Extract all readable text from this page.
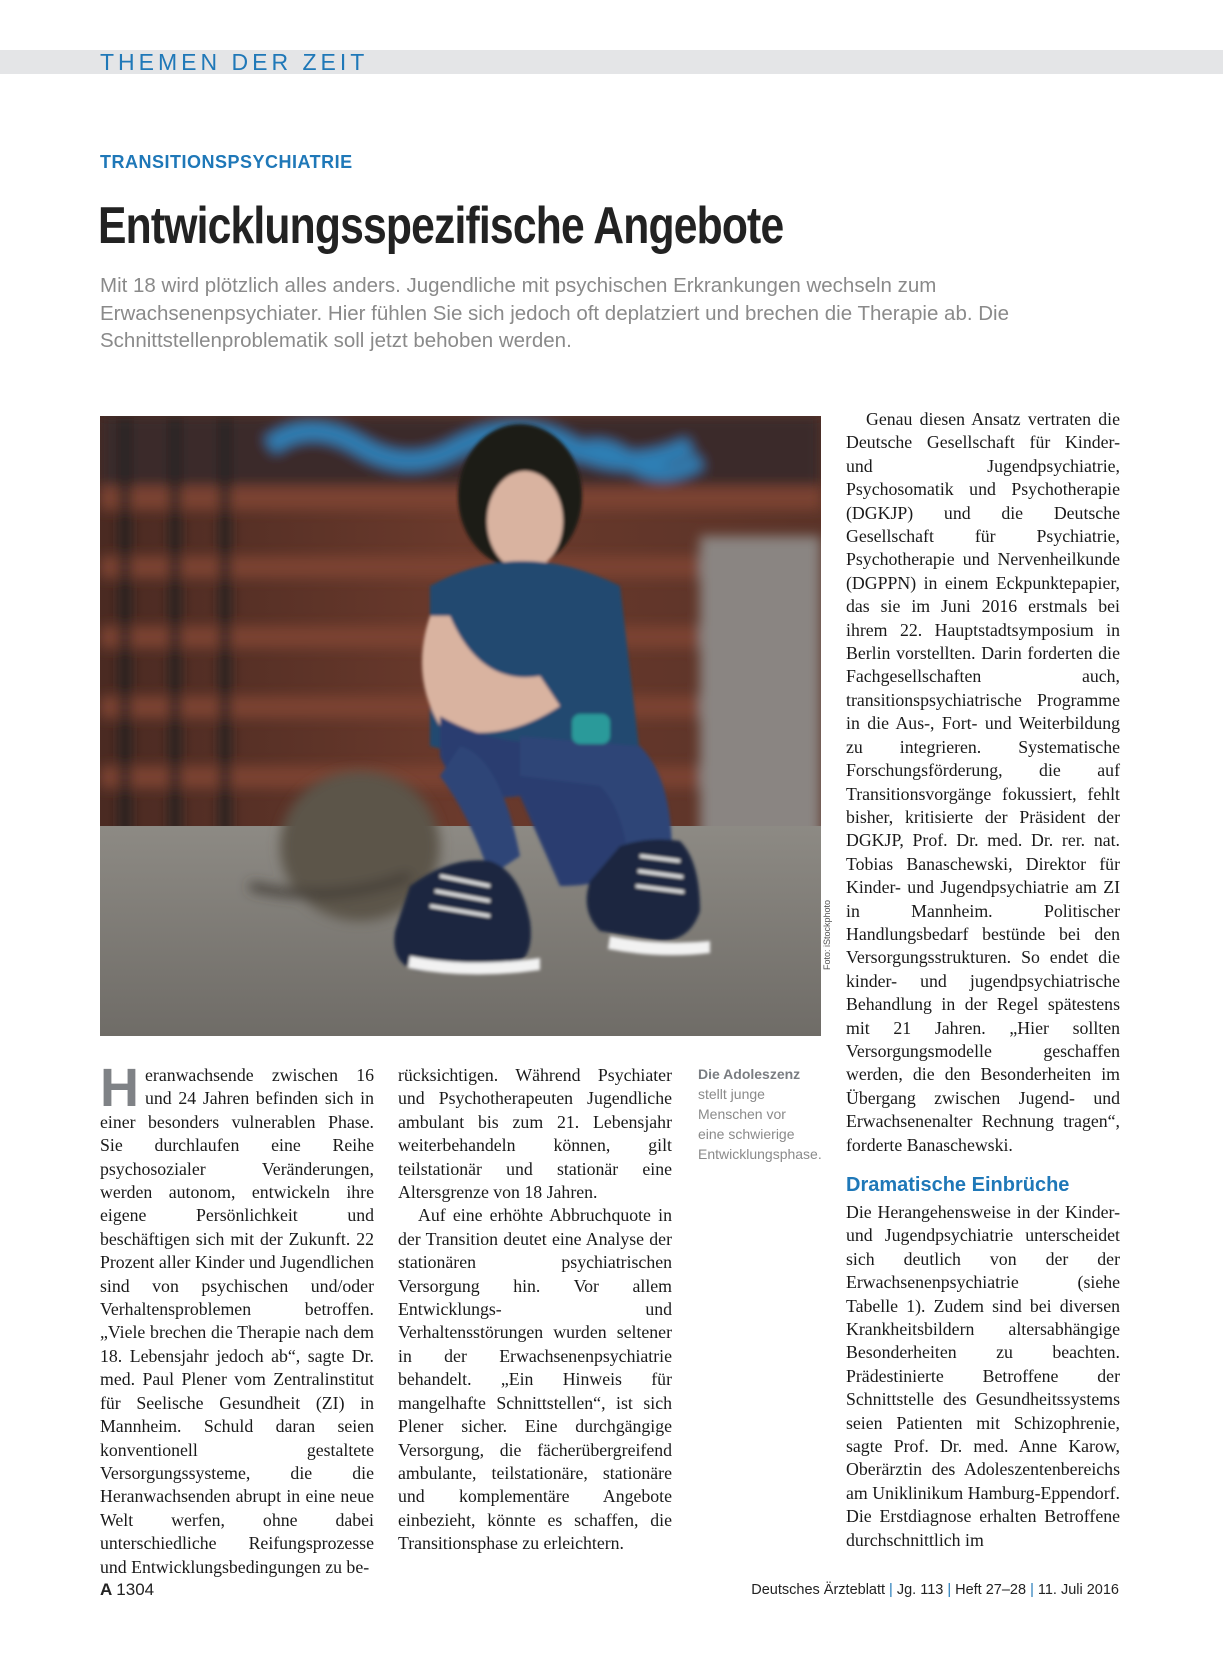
THEMEN DER ZEIT
TRANSITIONSPSYCHIATRIE
Entwicklungsspezifische Angebote
Mit 18 wird plötzlich alles anders. Jugendliche mit psychischen Erkrankungen wechseln zum Erwachsenenpsychiater. Hier fühlen Sie sich jedoch oft deplatziert und brechen die Therapie ab. Die Schnittstellenproblematik soll jetzt behoben werden.
Foto: iStockphoto

Heranwachsende zwischen 16 und 24 Jahren befinden sich in einer besonders vulnerablen Phase. Sie durchlaufen eine Reihe psychosozialer Veränderungen, werden autonom, entwickeln ihre eigene Persönlichkeit und beschäftigen sich mit der Zukunft. 22 Prozent aller Kinder und Jugendlichen sind von psychischen und/oder Verhaltensproblemen betroffen. „Viele brechen die Therapie nach dem 18. Lebensjahr jedoch ab“, sagte Dr. med. Paul Plener vom Zentralinstitut für Seelische Gesundheit (ZI) in Mannheim. Schuld daran seien konventionell gestaltete Versorgungssysteme, die die Heranwachsenden abrupt in eine neue Welt werfen, ohne dabei unterschiedliche Reifungsprozesse und Entwicklungsbedingungen zu be-

rücksichtigen. Während Psychiater und Psychotherapeuten Jugendliche ambulant bis zum 21. Lebensjahr weiterbehandeln können, gilt teilstationär und stationär eine Altersgrenze von 18 Jahren.

Auf eine erhöhte Abbruchquote in der Transition deutet eine Analyse der stationären psychiatrischen Versorgung hin. Vor allem Entwicklungs- und Verhaltensstörungen wurden seltener in der Erwachsenenpsychiatrie behandelt. „Ein Hinweis für mangelhafte Schnittstellen“, ist sich Plener sicher. Eine durchgängige Versorgung, die fächerübergreifend ambulante, teilstationäre, stationäre und komplementäre Angebote einbezieht, könnte es schaffen, die Transitionsphase zu erleichtern.

Die Adoleszenz stellt junge Menschen vor eine schwierige Entwicklungsphase.

Genau diesen Ansatz vertraten die Deutsche Gesellschaft für Kinder- und Jugendpsychiatrie, Psychosomatik und Psychotherapie (DGKJP) und die Deutsche Gesellschaft für Psychiatrie, Psychotherapie und Nervenheilkunde (DGPPN) in einem Eckpunktepapier, das sie im Juni 2016 erstmals bei ihrem 22. Hauptstadtsymposium in Berlin vorstellten. Darin forderten die Fachgesellschaften auch, transitionspsychiatrische Programme in die Aus-, Fort- und Weiterbildung zu integrieren. Systematische Forschungsförderung, die auf Transitionsvorgänge fokussiert, fehlt bisher, kritisierte der Präsident der DGKJP, Prof. Dr. med. Dr. rer. nat. Tobias Banaschewski, Direktor für Kinder- und Jugendpsychiatrie am ZI in Mannheim. Politischer Handlungsbedarf bestünde bei den Versorgungsstrukturen. So endet die kinder- und jugendpsychiatrische Behandlung in der Regel spätestens mit 21 Jahren. „Hier sollten Versorgungsmodelle geschaffen werden, die den Besonderheiten im Übergang zwischen Jugend- und Erwachsenenalter Rechnung tragen“, forderte Banaschewski.

Dramatische Einbrüche

Die Herangehensweise in der Kinder- und Jugendpsychiatrie unterscheidet sich deutlich von der der Erwachsenenpsychiatrie (siehe Tabelle 1). Zudem sind bei diversen Krankheitsbildern altersabhängige Besonderheiten zu beachten. Prädestinierte Betroffene der Schnittstelle des Gesundheitssystems seien Patienten mit Schizophrenie, sagte Prof. Dr. med. Anne Karow, Oberärztin des Adoleszentenbereichs am Uniklinikum Hamburg-Eppendorf. Die Erstdiagnose erhalten Betroffene durchschnittlich im

A 1304	Deutsches Ärzteblatt | Jg. 113 | Heft 27–28 | 11. Juli 2016
